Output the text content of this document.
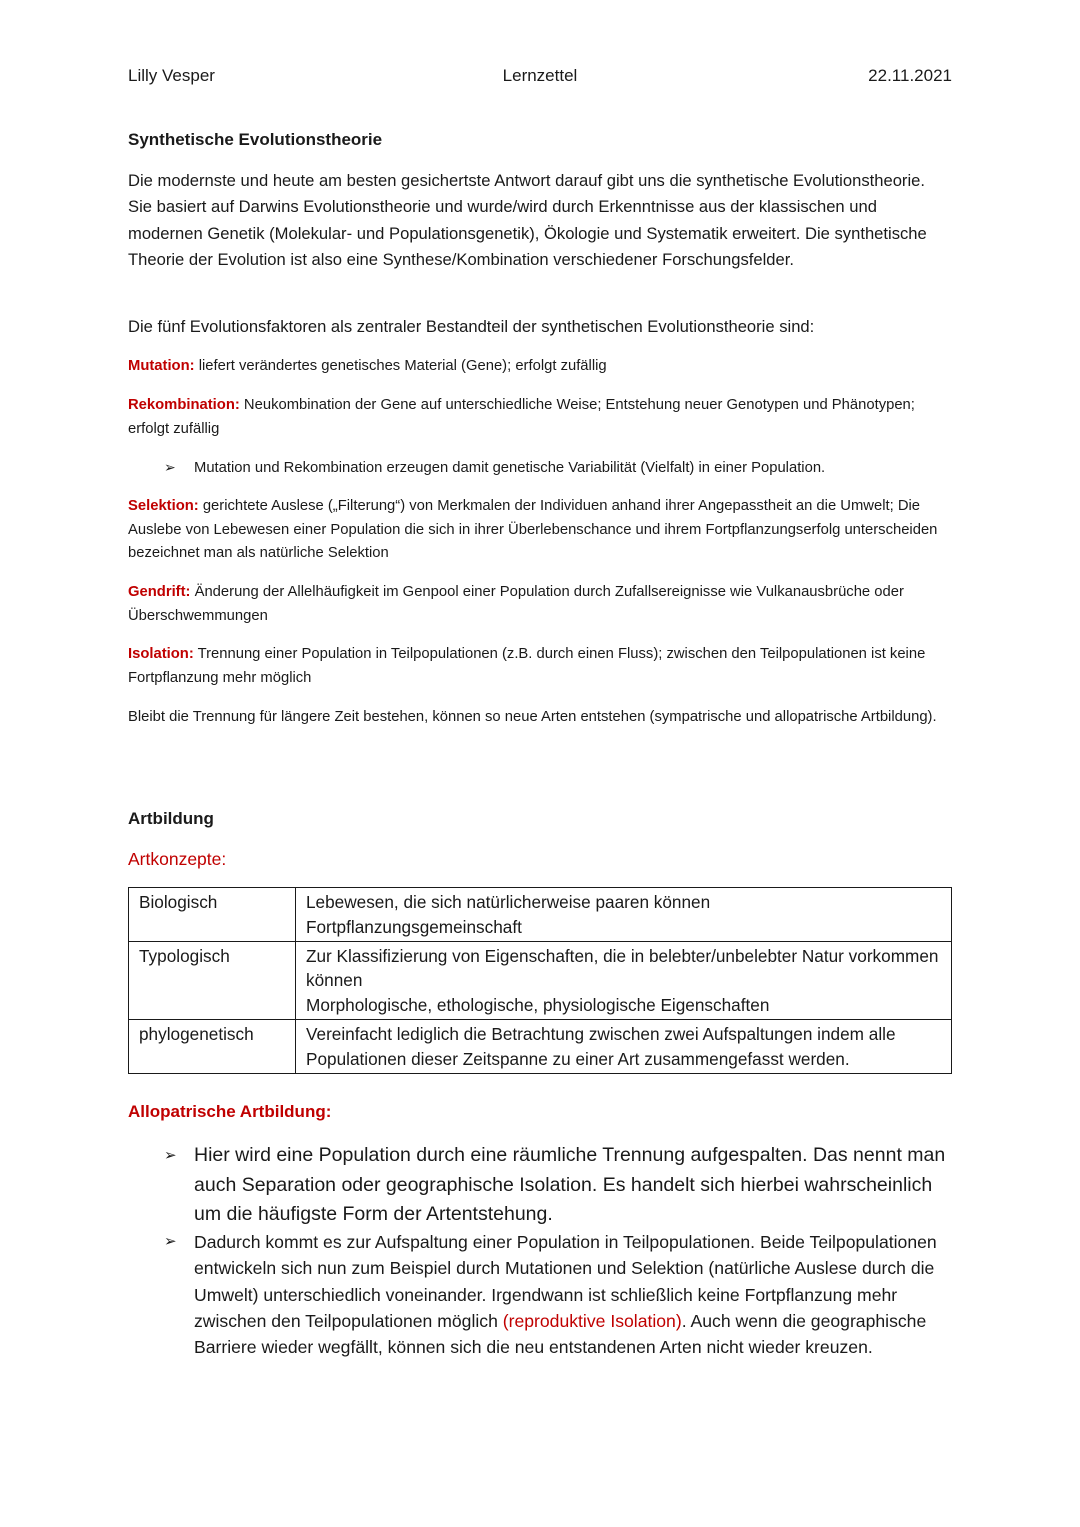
Lilly Vesper	Lernzettel	22.11.2021
Synthetische Evolutionstheorie
Die modernste und heute am besten gesichertste Antwort darauf gibt uns die synthetische Evolutionstheorie. Sie basiert auf Darwins Evolutionstheorie und wurde/wird durch Erkenntnisse aus der klassischen und modernen Genetik (Molekular- und Populationsgenetik), Ökologie und Systematik erweitert. Die synthetische Theorie der Evolution ist also eine Synthese/Kombination verschiedener Forschungsfelder.
Die fünf Evolutionsfaktoren als zentraler Bestandteil der synthetischen Evolutionstheorie sind:
Mutation: liefert verändertes genetisches Material (Gene); erfolgt zufällig
Rekombination: Neukombination der Gene auf unterschiedliche Weise; Entstehung neuer Genotypen und Phänotypen; erfolgt zufällig
➢ Mutation und Rekombination erzeugen damit genetische Variabilität (Vielfalt) in einer Population.
Selektion: gerichtete Auslese („Filterung“) von Merkmalen der Individuen anhand ihrer Angepasstheit an die Umwelt; Die Auslebe von Lebewesen einer Population die sich in ihrer Überlebenschance und ihrem Fortpflanzungserfolg unterscheiden bezeichnet man als natürliche Selektion
Gendrift: Änderung der Allelhäufigkeit im Genpool einer Population durch Zufallsereignisse wie Vulkanausbrüche oder Überschwemmungen
Isolation: Trennung einer Population in Teilpopulationen (z.B. durch einen Fluss); zwischen den Teilpopulationen ist keine Fortpflanzung mehr möglich
Bleibt die Trennung für längere Zeit bestehen, können so neue Arten entstehen (sympatrische und allopatrische Artbildung).
Artbildung
Artkonzepte:
Biologisch	Lebewesen, die sich natürlicherweise paaren können
Fortpflanzungsgemeinschaft

Typologisch	Zur Klassifizierung von Eigenschaften, die in belebter/unbelebter Natur vorkommen können
Morphologische, ethologische, physiologische Eigenschaften

phylogenetisch	Vereinfacht lediglich die Betrachtung zwischen zwei Aufspaltungen indem alle Populationen dieser Zeitspanne zu einer Art zusammengefasst werden.
Allopatrische Artbildung:
➢ Hier wird eine Population durch eine räumliche Trennung aufgespalten. Das nennt man auch Separation oder geographische Isolation. Es handelt sich hierbei wahrscheinlich um die häufigste Form der Artentstehung.
➢ Dadurch kommt es zur Aufspaltung einer Population in Teilpopulationen. Beide Teilpopulationen entwickeln sich nun zum Beispiel durch Mutationen und Selektion (natürliche Auslese durch die Umwelt) unterschiedlich voneinander. Irgendwann ist schließlich keine Fortpflanzung mehr zwischen den Teilpopulationen möglich (reproduktive Isolation). Auch wenn die geographische Barriere wieder wegfällt, können sich die neu entstandenen Arten nicht wieder kreuzen.
